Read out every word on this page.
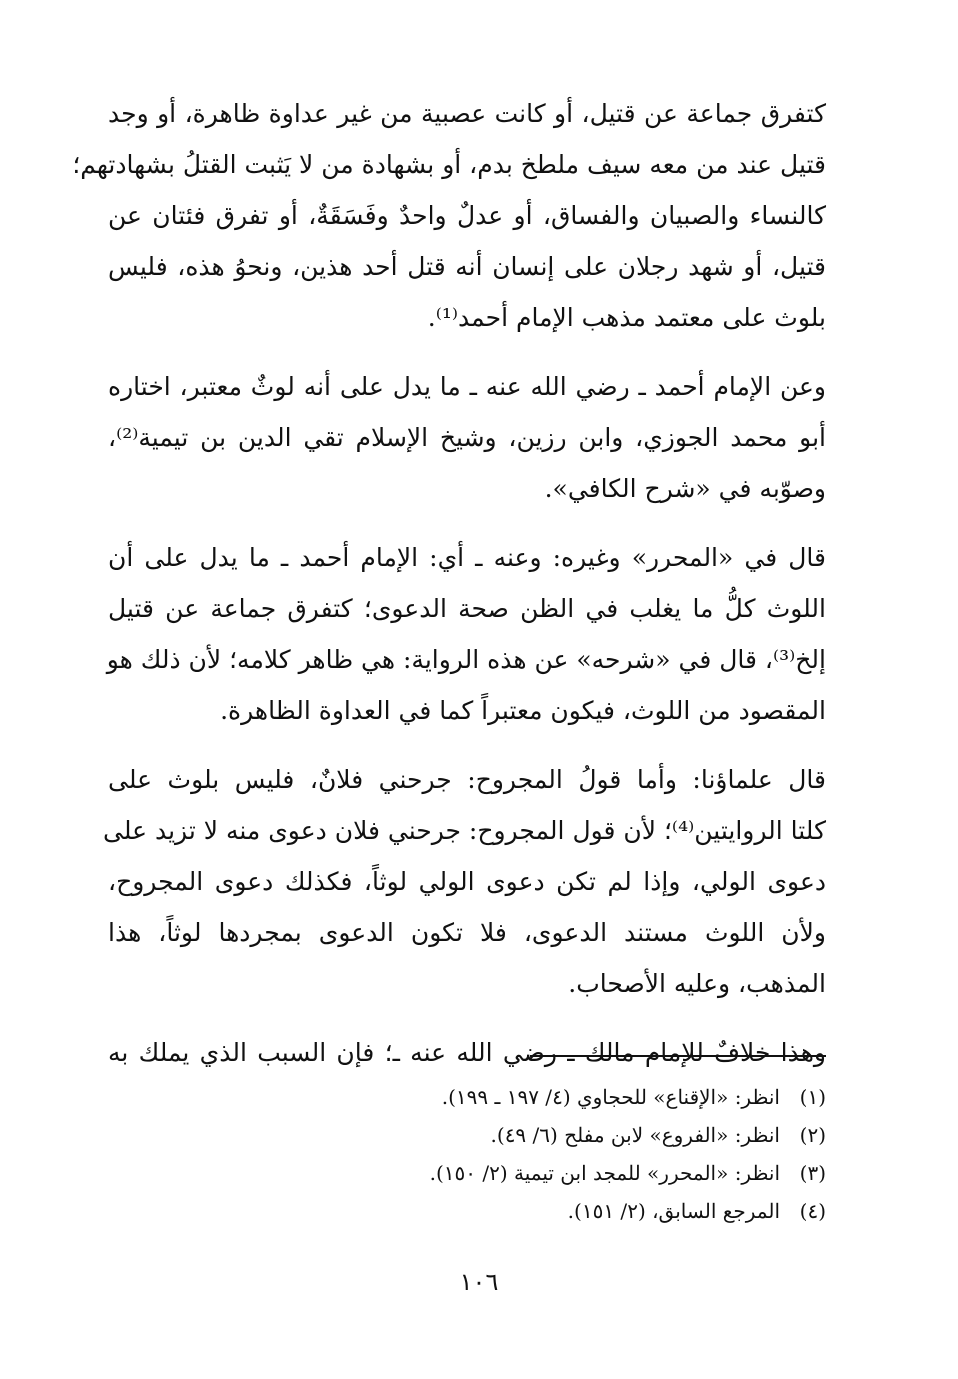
كتفرق جماعة عن قتيل، أو كانت عصبية من غير عداوة ظاهرة، أو وجد
قتيل عند من معه سيف ملطخ بدم، أو بشهادة من لا يَثبت القتلُ بشهادتهم؛
كالنساء والصبيان والفساق، أو عدلٌ واحدٌ وفَسَقَةٌ، أو تفرق فئتان عن
قتيل، أو شهد رجلان على إنسان أنه قتل أحد هذين، ونحوُ هذه، فليس
بلوث على معتمد مذهب الإمام أحمد⁽¹⁾.

وعن الإمام أحمد ـ رضي الله عنه ـ ما يدل على أنه لوثٌ معتبر، اختاره
أبو محمد الجوزي، وابن رزين، وشيخ الإسلام تقي الدين بن تيمية⁽²⁾،
وصوّبه في «شرح الكافي».

قال في «المحرر» وغيره: وعنه ـ أي: الإمام أحمد ـ ما يدل على أن
اللوث كلُّ ما يغلب في الظن صحة الدعوى؛ كتفرق جماعة عن قتيل
إلخ⁽³⁾، قال في «شرحه» عن هذه الرواية: هي ظاهر كلامه؛ لأن ذلك هو
المقصود من اللوث، فيكون معتبراً كما في العداوة الظاهرة.

قال علماؤنا: وأما قولُ المجروح: جرحني فلانٌ، فليس بلوث على
كلتا الروايتين⁽⁴⁾؛ لأن قول المجروح: جرحني فلان دعوى منه لا تزيد على
دعوى الولي، وإذا لم تكن دعوى الولي لوثاً، فكذلك دعوى المجروح،
ولأن اللوث مستند الدعوى، فلا تكون الدعوى بمجردها لوثاً، هذا
المذهب، وعليه الأصحاب.

وهذا خلافٌ للإمام مالك ـ رضي الله عنه ـ؛ فإن السبب الذي يملك به

(١)
انظر: «الإقناع» للحجاوي (٤/ ١٩٧ ـ ١٩٩).
(٢)
انظر: «الفروع» لابن مفلح (٦/ ٤٩).
(٣)
انظر: «المحرر» للمجد ابن تيمية (٢/ ١٥٠).
(٤)
المرجع السابق، (٢/ ١٥١).
١٠٦
